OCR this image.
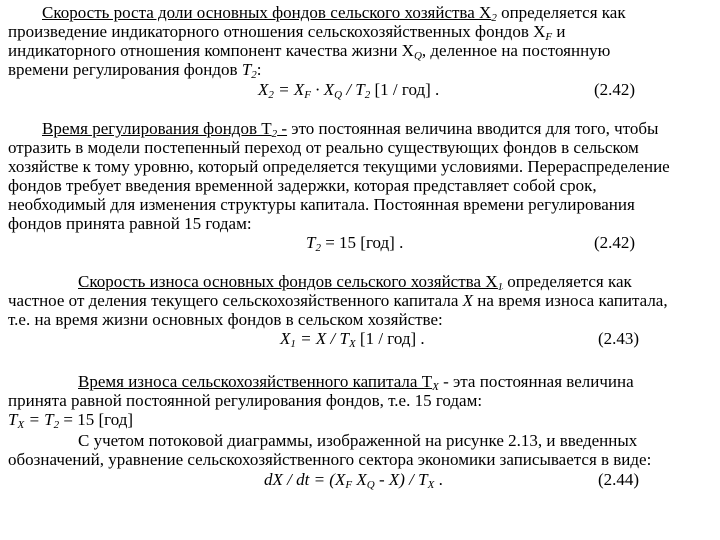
Скорость роста доли основных фондов сельского хозяйства $X_2$ определяется как
произведение индикаторного отношения сельскохозяйственных фондов $X_F$ и
индикаторного отношения компонент качества жизни $X_Q$, деленное на постоянную
времени регулирования фондов $T_2$:
$X_2 = X_F \cdot X_Q / T_2$ [1 / год] .	(2.42)
Время регулирования фондов $T_2$ - это постоянная величина вводится для того, чтобы
отразить в модели постепенный переход от реально существующих фондов в сельском
хозяйстве к тому уровню, который определяется текущими условиями. Перераспределение
фондов требует введения временной задержки, которая представляет собой срок,
необходимый для изменения структуры капитала. Постоянная времени регулирования
фондов принята равной 15 годам:
$T_2 = 15$ [год] .	(2.42)
Скорость износа основных фондов сельского хозяйства $X_1$ определяется как
частное от деления текущего сельскохозяйственного капитала X на время износа капитала,
т.е. на время жизни основных фондов в сельском хозяйстве:
$X_1 = X / T_X$ [1 / год] .	(2.43)
Время износа сельскохозяйственного капитала $T_X$ - эта постоянная величина
принята равной постоянной регулирования фондов, т.е. 15 годам:
$T_X = T_2 = 15$ [год]
С учетом потоковой диаграммы, изображенной на рисунке 2.13, и введенных
обозначений, уравнение сельскохозяйственного сектора экономики записывается в виде:
dX / dt = ($X_F$ $X_Q - X) / T_X$ .	(2.44)
